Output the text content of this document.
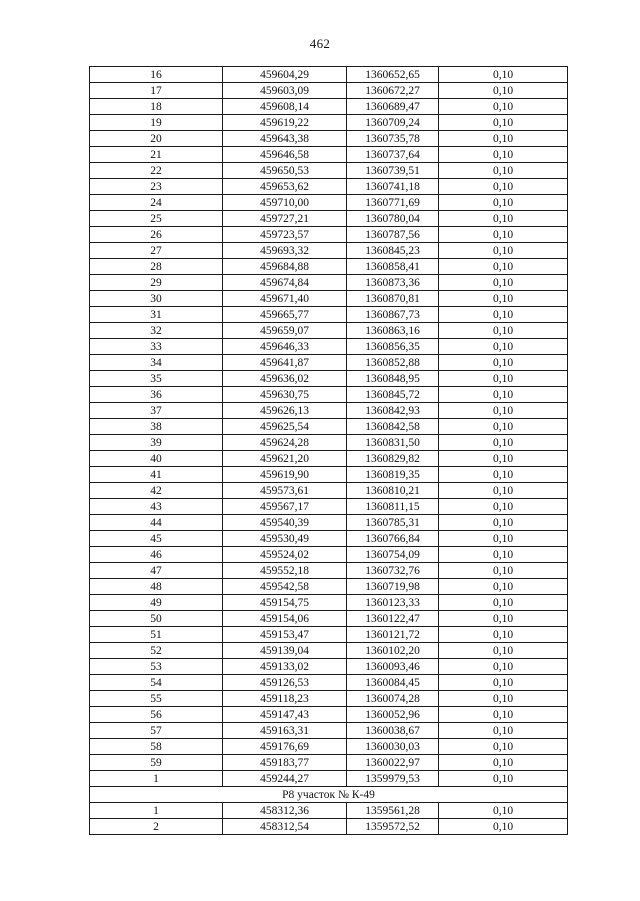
462
16	459604,29	1360652,65	0,10
17	459603,09	1360672,27	0,10
18	459608,14	1360689,47	0,10
19	459619,22	1360709,24	0,10
20	459643,38	1360735,78	0,10
21	459646,58	1360737,64	0,10
22	459650,53	1360739,51	0,10
23	459653,62	1360741,18	0,10
24	459710,00	1360771,69	0,10
25	459727,21	1360780,04	0,10
26	459723,57	1360787,56	0,10
27	459693,32	1360845,23	0,10
28	459684,88	1360858,41	0,10
29	459674,84	1360873,36	0,10
30	459671,40	1360870,81	0,10
31	459665,77	1360867,73	0,10
32	459659,07	1360863,16	0,10
33	459646,33	1360856,35	0,10
34	459641,87	1360852,88	0,10
35	459636,02	1360848,95	0,10
36	459630,75	1360845,72	0,10
37	459626,13	1360842,93	0,10
38	459625,54	1360842,58	0,10
39	459624,28	1360831,50	0,10
40	459621,20	1360829,82	0,10
41	459619,90	1360819,35	0,10
42	459573,61	1360810,21	0,10
43	459567,17	1360811,15	0,10
44	459540,39	1360785,31	0,10
45	459530,49	1360766,84	0,10
46	459524,02	1360754,09	0,10
47	459552,18	1360732,76	0,10
48	459542,58	1360719,98	0,10
49	459154,75	1360123,33	0,10
50	459154,06	1360122,47	0,10
51	459153,47	1360121,72	0,10
52	459139,04	1360102,20	0,10
53	459133,02	1360093,46	0,10
54	459126,53	1360084,45	0,10
55	459118,23	1360074,28	0,10
56	459147,43	1360052,96	0,10
57	459163,31	1360038,67	0,10
58	459176,69	1360030,03	0,10
59	459183,77	1360022,97	0,10
1	459244,27	1359979,53	0,10
Р8 участок № К-49			
1	458312,36	1359561,28	0,10
2	458312,54	1359572,52	0,10
